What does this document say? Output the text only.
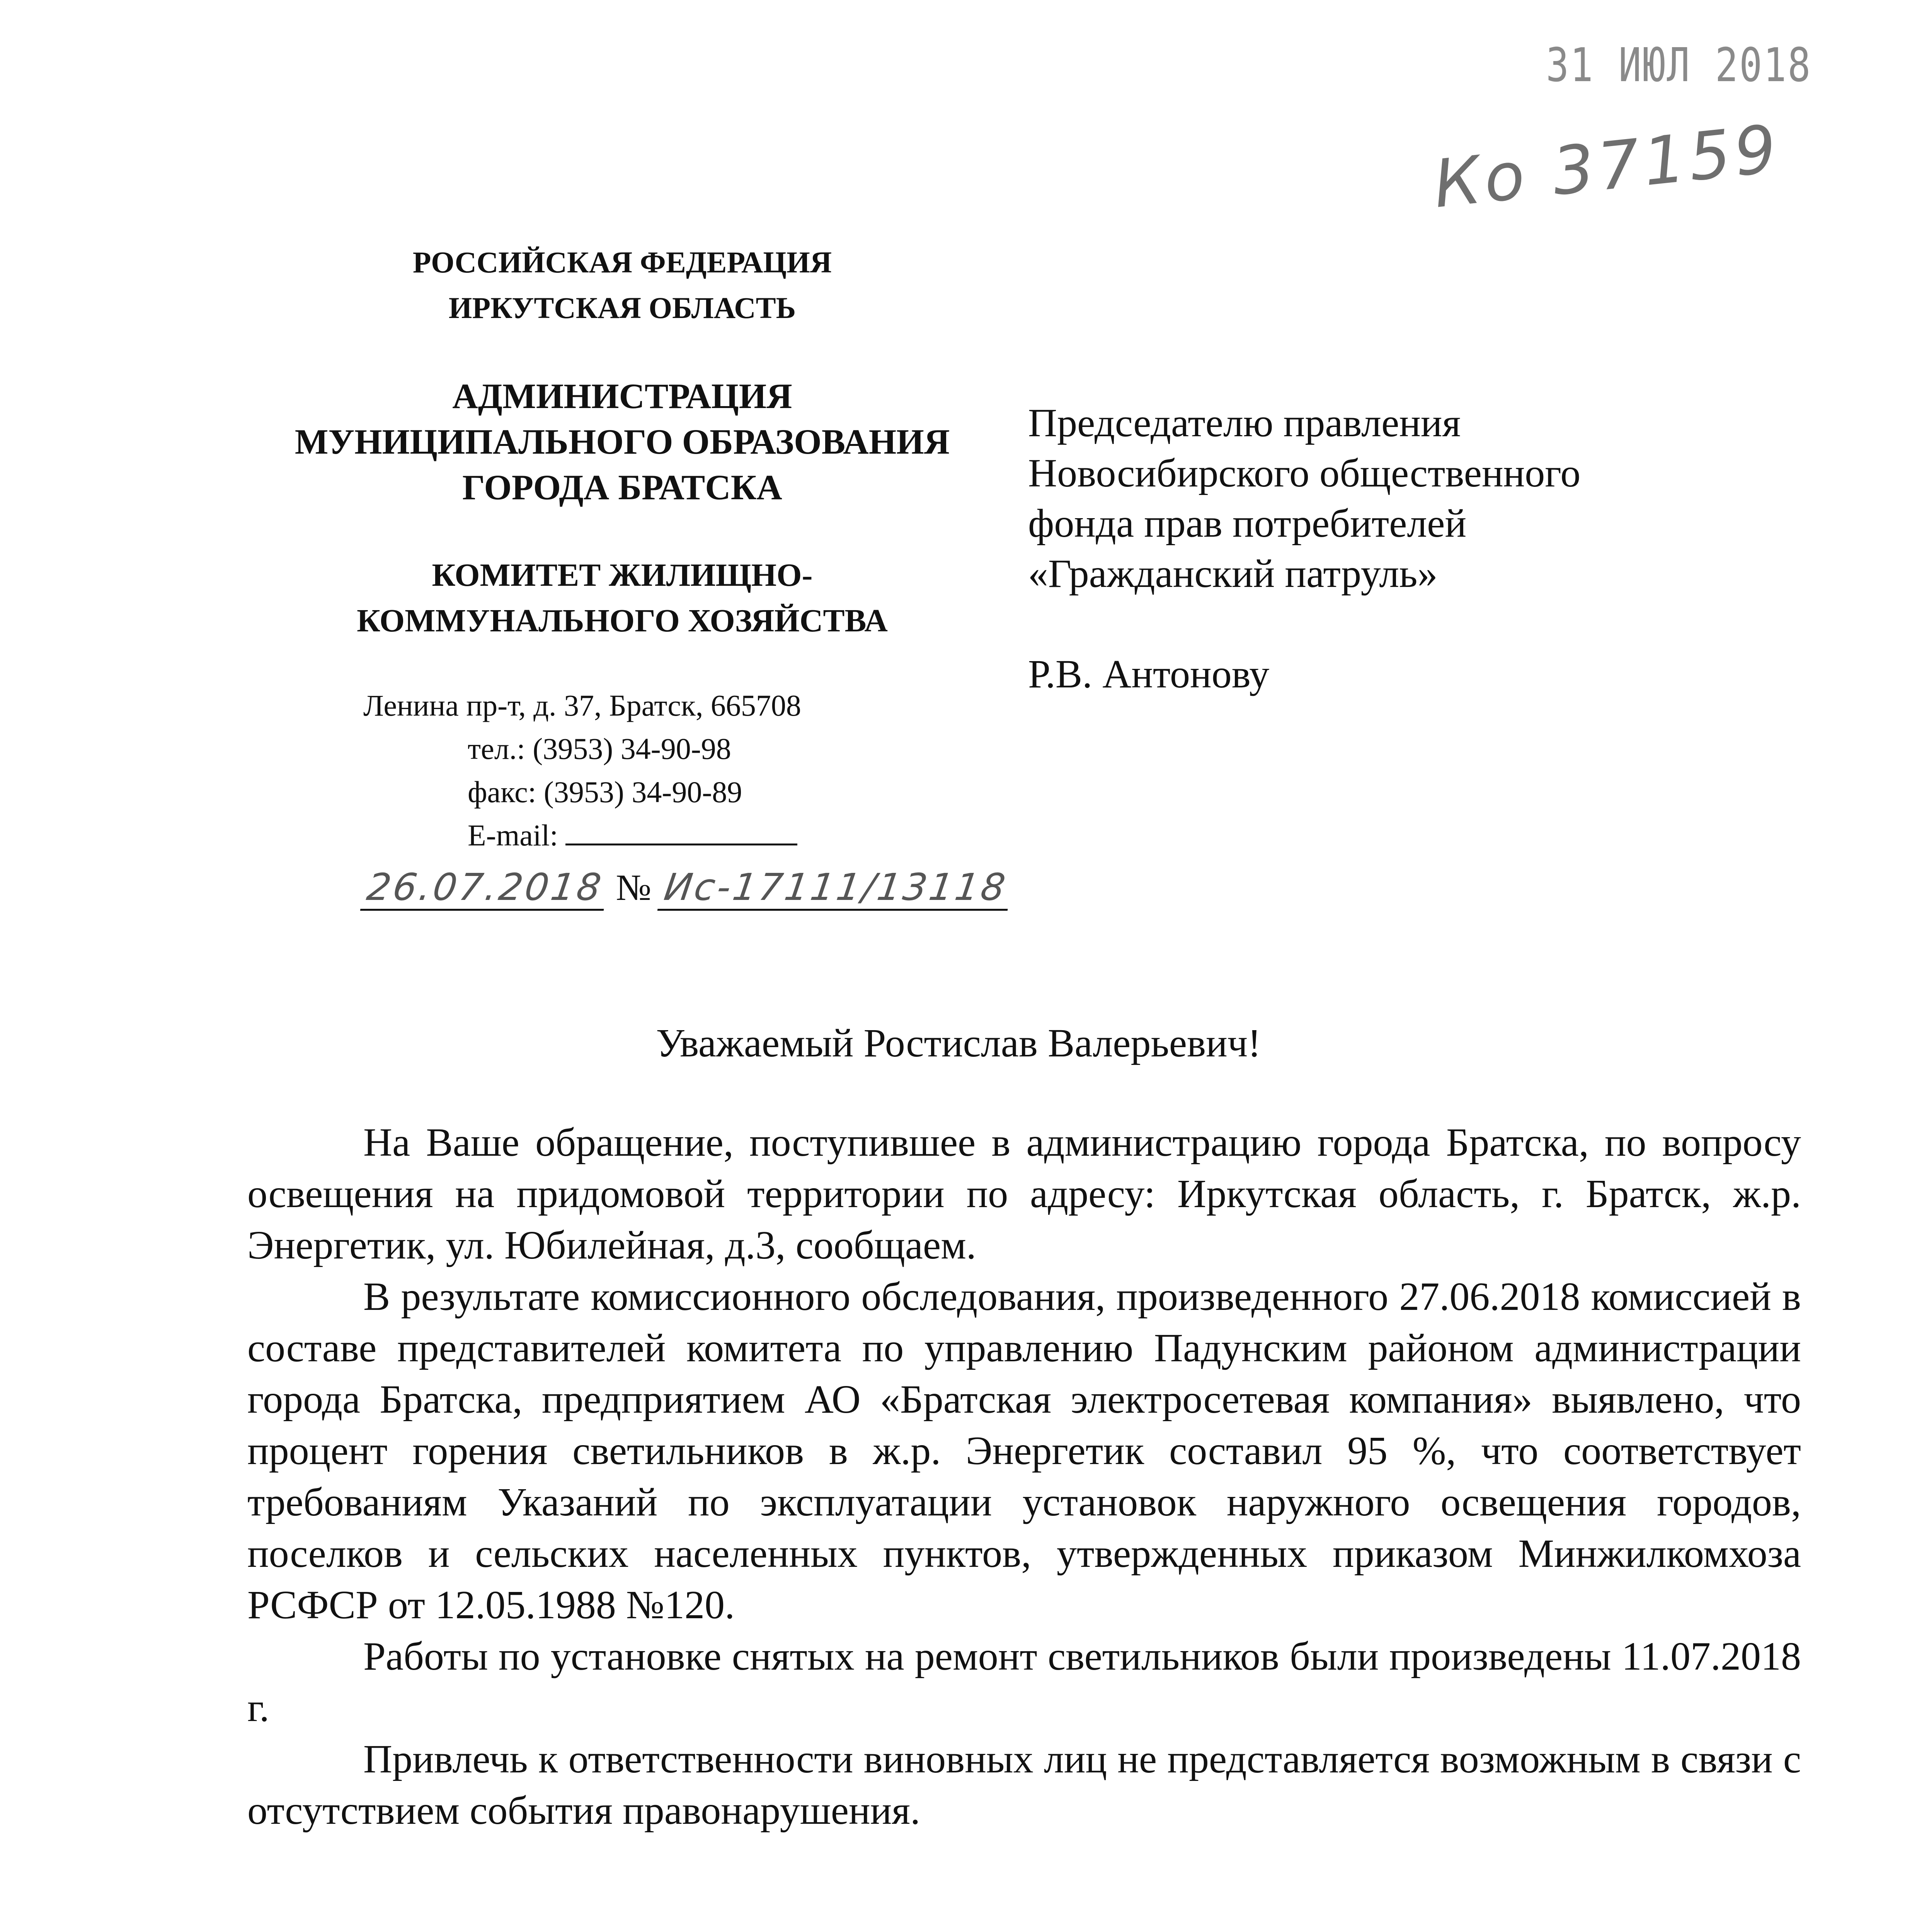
31 ИЮЛ 2018
Ко 37159
РОССИЙСКАЯ ФЕДЕРАЦИЯ
ИРКУТСКАЯ ОБЛАСТЬ
АДМИНИСТРАЦИЯ
МУНИЦИПАЛЬНОГО ОБРАЗОВАНИЯ
ГОРОДА БРАТСКА
КОМИТЕТ ЖИЛИЩНО-
КОММУНАЛЬНОГО ХОЗЯЙСТВА
Ленина пр-т, д. 37, Братск, 665708
тел.: (3953) 34-90-98
факс: (3953) 34-90-89
E-mail:
26.07.2018 № Ис-17111/13118
Председателю правления
Новосибирского общественного
фонда прав потребителей
«Гражданский патруль»
Р.В. Антонову
Уважаемый Ростислав Валерьевич!

На Ваше обращение, поступившее в администрацию города Братска, по вопросу освещения на придомовой территории по адресу: Иркутская область, г. Братск, ж.р. Энергетик, ул. Юбилейная, д.3, сообщаем.

В результате комиссионного обследования, произведенного 27.06.2018 комиссией в составе представителей комитета по управлению Падунским районом администрации города Братска, предприятием АО «Братская электросетевая компания» выявлено, что процент горения светильников в ж.р. Энергетик составил 95 %, что соответствует требованиям Указаний по эксплуатации установок наружного освещения городов, поселков и сельских населенных пунктов, утвержденных приказом Минжилкомхоза РСФСР от 12.05.1988 №120.

Работы по установке снятых на ремонт светильников были произведены 11.07.2018 г.

Привлечь к ответственности виновных лиц не представляется возможным в связи с отсутствием события правонарушения.
